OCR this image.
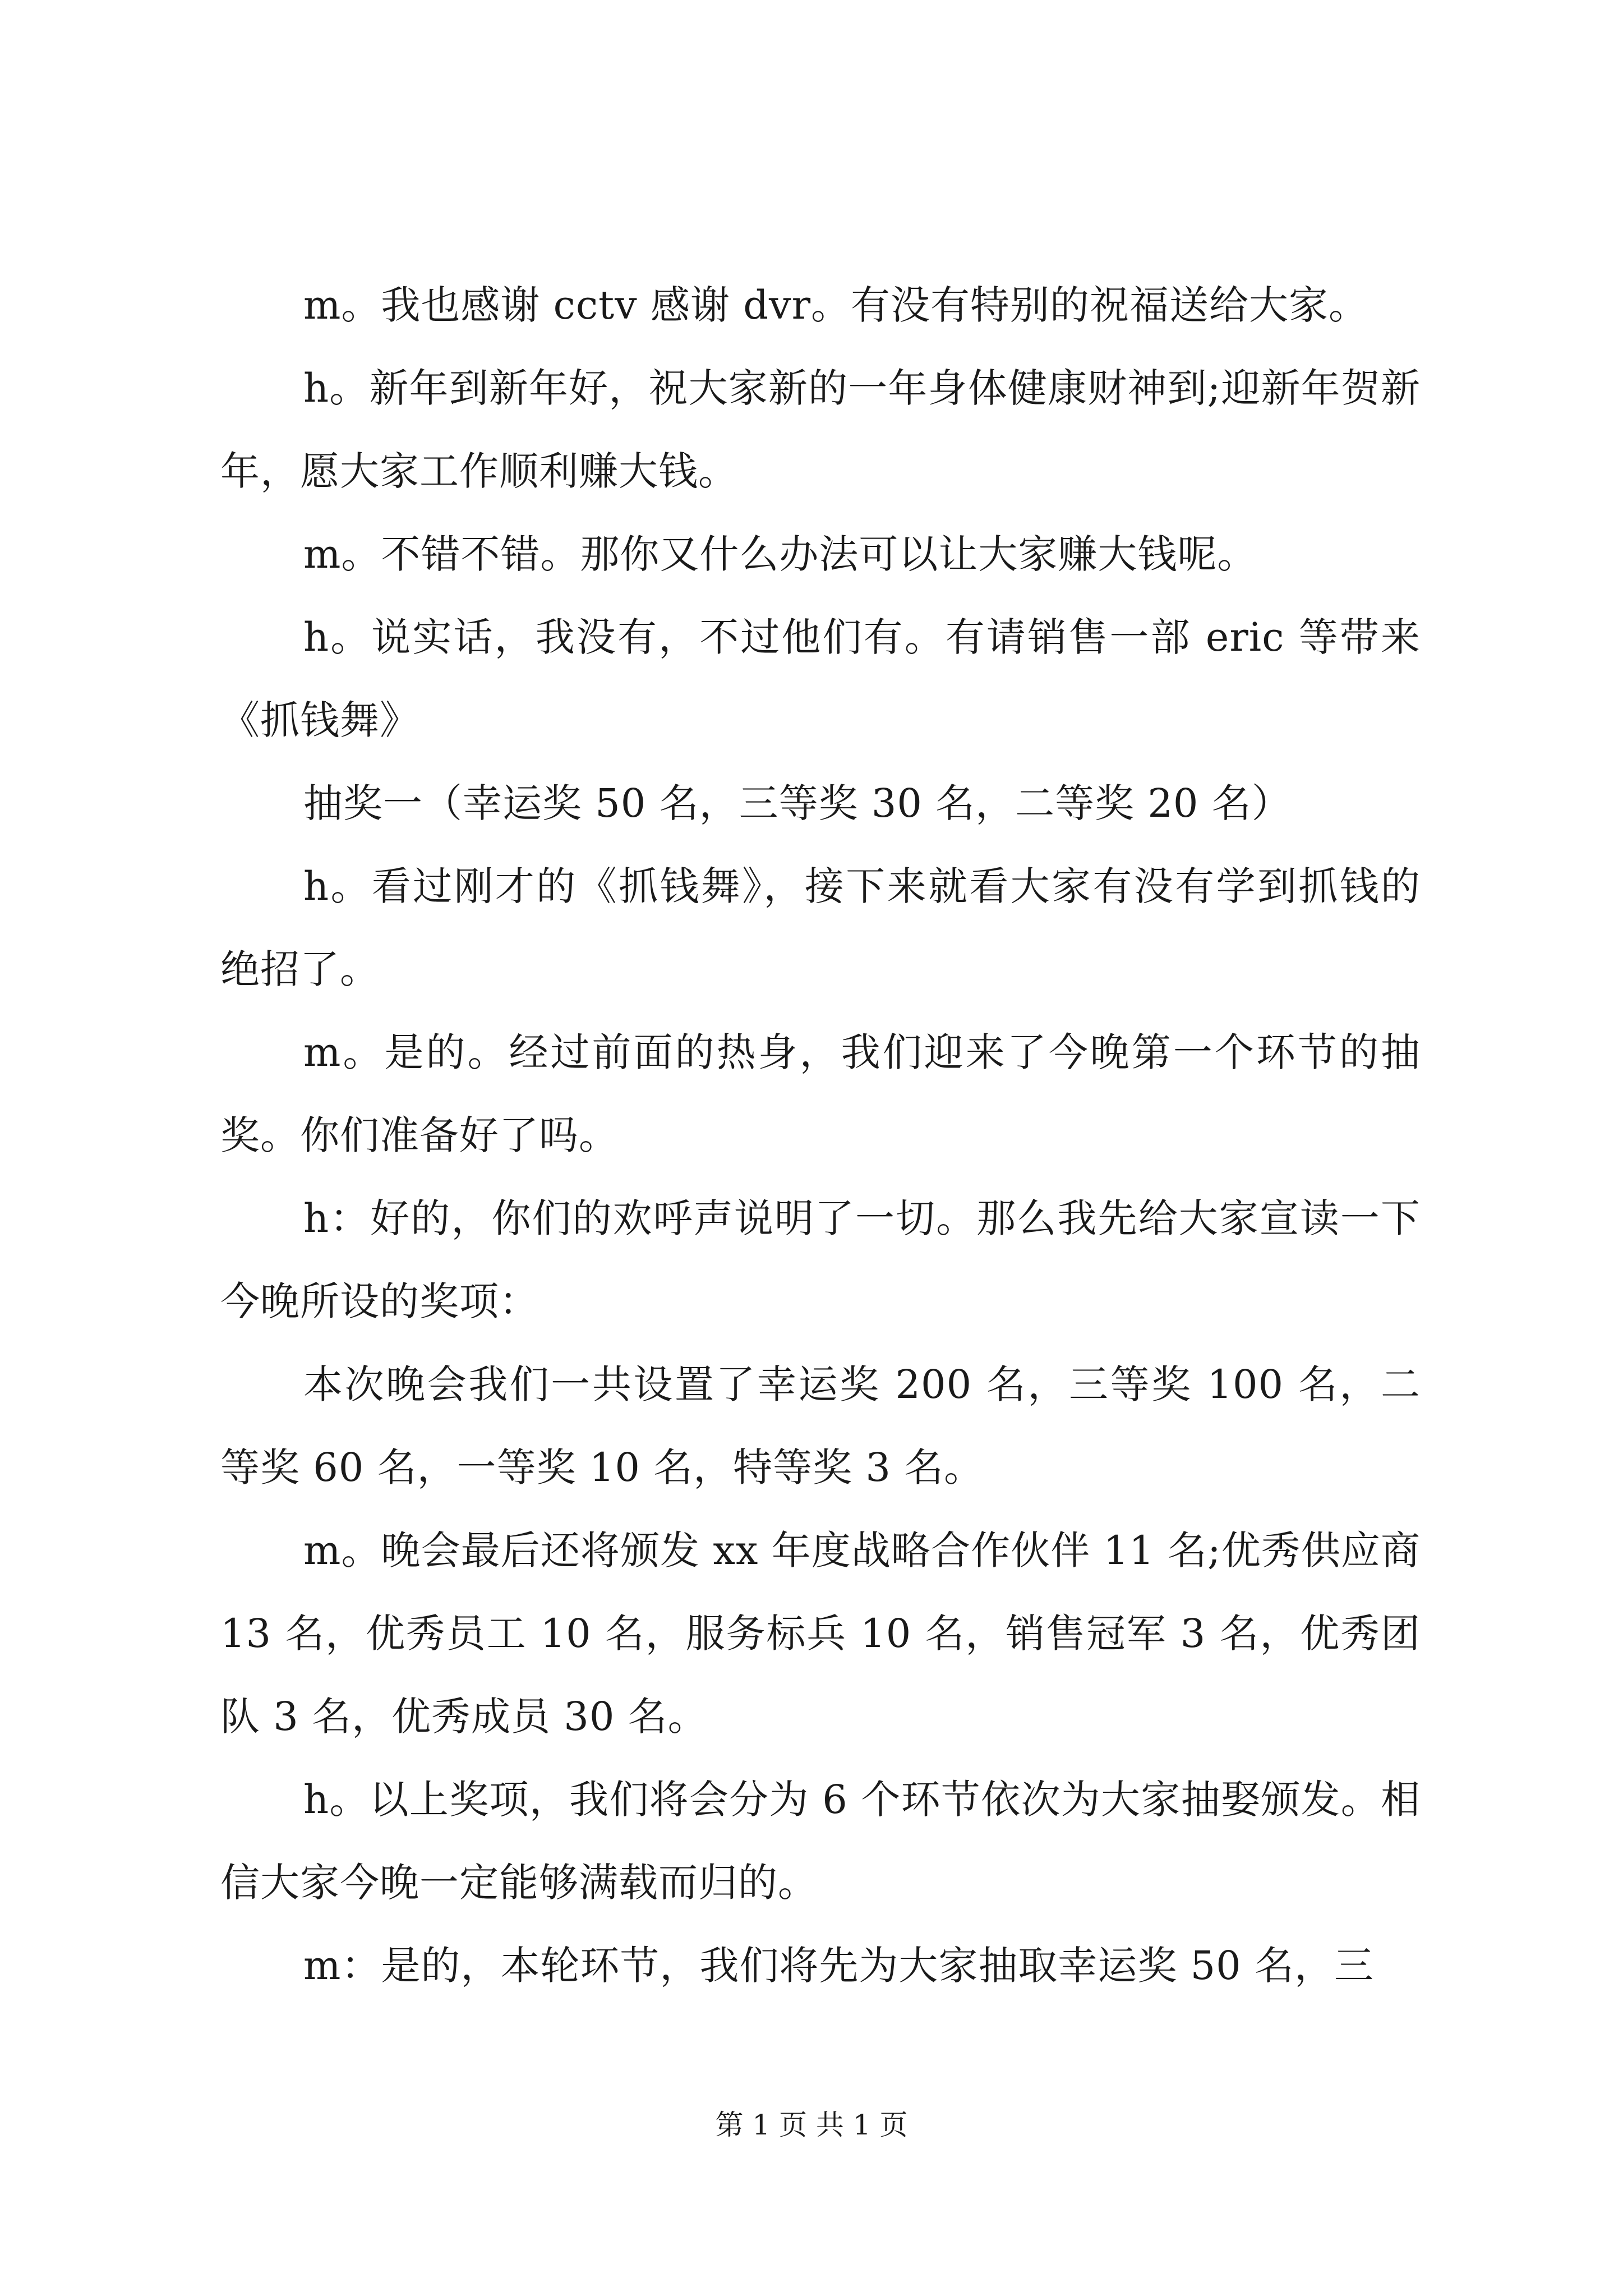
m。我也感谢 cctv 感谢 dvr。有没有特别的祝福送给大家。

h。新年到新年好，祝大家新的一年身体健康财神到;迎新年贺新年，愿大家工作顺利赚大钱。

m。不错不错。那你又什么办法可以让大家赚大钱呢。

h。说实话，我没有，不过他们有。有请销售一部 eric 等带来《抓钱舞》

抽奖一（幸运奖 50 名，三等奖 30 名，二等奖 20 名）

h。看过刚才的《抓钱舞》，接下来就看大家有没有学到抓钱的绝招了。

m。是的。经过前面的热身，我们迎来了今晚第一个环节的抽奖。你们准备好了吗。

h：好的，你们的欢呼声说明了一切。那么我先给大家宣读一下今晚所设的奖项：

本次晚会我们一共设置了幸运奖 200 名，三等奖 100 名，二等奖 60 名，一等奖 10 名，特等奖 3 名。

m。晚会最后还将颁发 xx 年度战略合作伙伴 11 名;优秀供应商 13 名，优秀员工 10 名，服务标兵 10 名，销售冠军 3 名，优秀团队 3 名，优秀成员 30 名。

h。以上奖项，我们将会分为 6 个环节依次为大家抽娶颁发。相信大家今晚一定能够满载而归的。

m：是的，本轮环节，我们将先为大家抽取幸运奖 50 名，三

第 1 页 共 1 页
